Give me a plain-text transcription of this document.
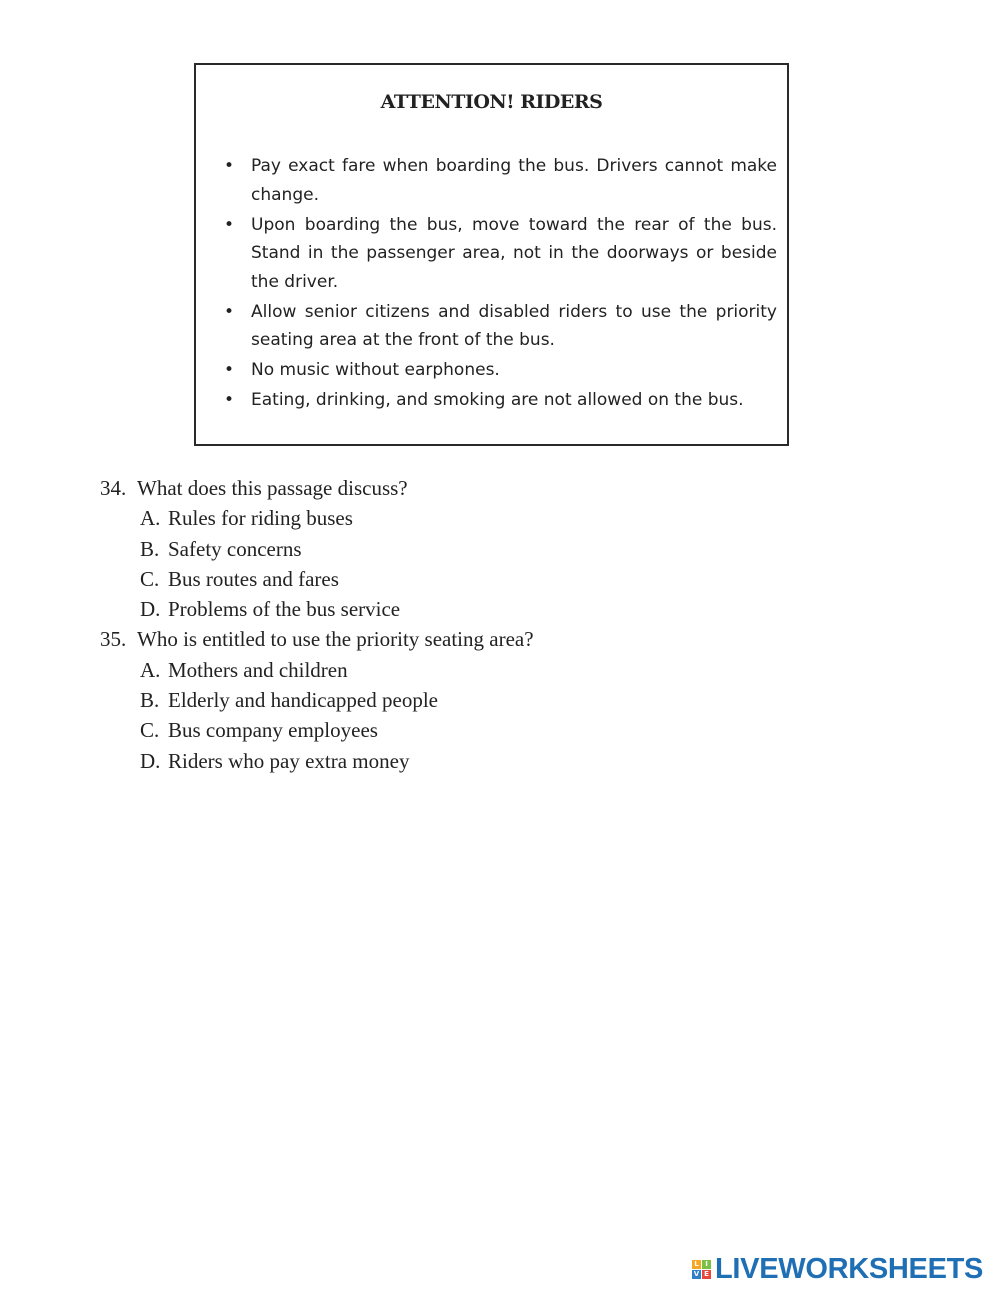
ATTENTION! RIDERS
• Pay exact fare when boarding the bus. Drivers cannot make change.
• Upon boarding the bus, move toward the rear of the bus. Stand in the passenger area, not in the doorways or beside the driver.
• Allow senior citizens and disabled riders to use the priority seating area at the front of the bus.
• No music without earphones.
• Eating, drinking, and smoking are not allowed on the bus.
34. What does this passage discuss?
A. Rules for riding buses
B. Safety concerns
C. Bus routes and fares
D. Problems of the bus service
35. Who is entitled to use the priority seating area?
A. Mothers and children
B. Elderly and handicapped people
C. Bus company employees
D. Riders who pay extra money
L I
V E LIVEWORKSHEETS
